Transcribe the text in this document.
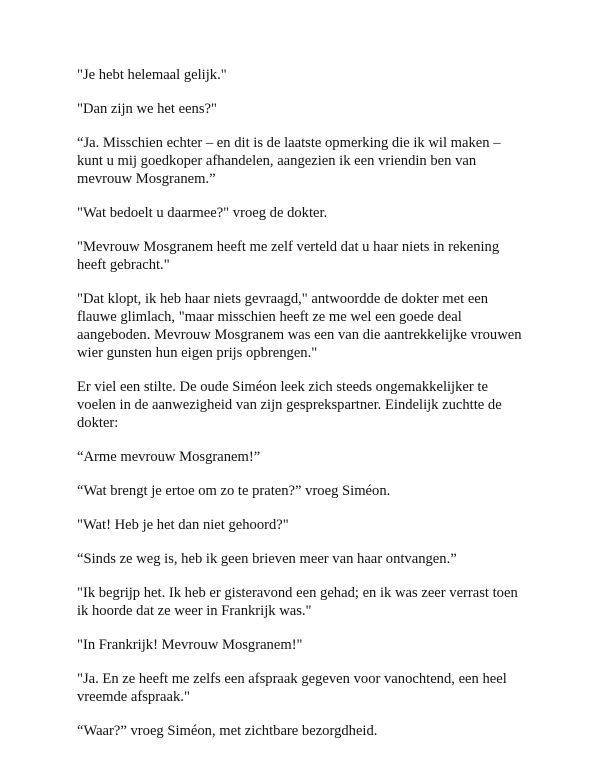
"Je hebt helemaal gelijk."

"Dan zijn we het eens?"

“Ja. Misschien echter – en dit is de laatste opmerking die ik wil maken –
kunt u mij goedkoper afhandelen, aangezien ik een vriendin ben van
mevrouw Mosgranem.”

"Wat bedoelt u daarmee?" vroeg de dokter.

"Mevrouw Mosgranem heeft me zelf verteld dat u haar niets in rekening
heeft gebracht."

"Dat klopt, ik heb haar niets gevraagd," antwoordde de dokter met een
flauwe glimlach, "maar misschien heeft ze me wel een goede deal
aangeboden. Mevrouw Mosgranem was een van die aantrekkelijke vrouwen
wier gunsten hun eigen prijs opbrengen."

Er viel een stilte. De oude Siméon leek zich steeds ongemakkelijker te
voelen in de aanwezigheid van zijn gesprekspartner. Eindelijk zuchtte de
dokter:

“Arme mevrouw Mosgranem!”

“Wat brengt je ertoe om zo te praten?” vroeg Siméon.

"Wat! Heb je het dan niet gehoord?"

“Sinds ze weg is, heb ik geen brieven meer van haar ontvangen.”

"Ik begrijp het. Ik heb er gisteravond een gehad; en ik was zeer verrast toen
ik hoorde dat ze weer in Frankrijk was."

"In Frankrijk! Mevrouw Mosgranem!"

"Ja. En ze heeft me zelfs een afspraak gegeven voor vanochtend, een heel
vreemde afspraak."

“Waar?” vroeg Siméon, met zichtbare bezorgdheid.
